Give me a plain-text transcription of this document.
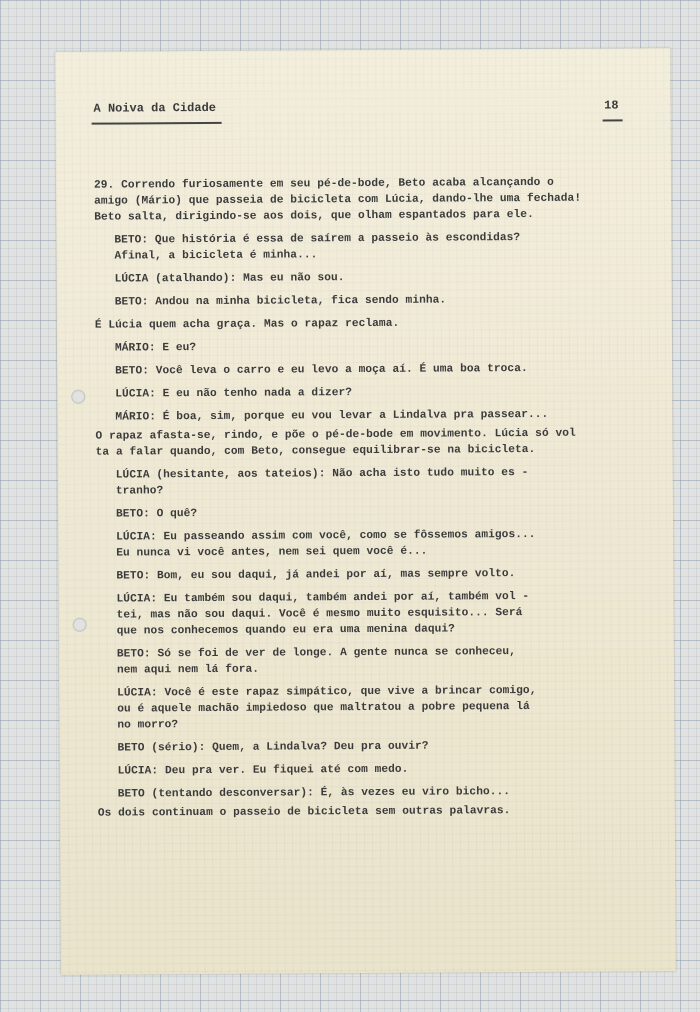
A Noiva da Cidade	18
29. Correndo furiosamente em seu pé-de-bode, Beto acaba alcançando o
amigo (Mário) que passeia de bicicleta com Lúcia, dando-lhe uma fechada!
Beto salta, dirigindo-se aos dois, que olham espantados para ele.
BETO: Que história é essa de saírem a passeio às escondidas?
Afinal, a bicicleta é minha...
LÚCIA (atalhando): Mas eu não sou.
BETO: Andou na minha bicicleta, fica sendo minha.
É Lúcia quem acha graça. Mas o rapaz reclama.
MÁRIO: E eu?
BETO: Você leva o carro e eu levo a moça aí. É uma boa troca.
LÚCIA: E eu não tenho nada a dizer?
MÁRIO: É boa, sim, porque eu vou levar a Lindalva pra passear...
O rapaz afasta-se, rindo, e põe o pé-de-bode em movimento. Lúcia só vol
ta a falar quando, com Beto, consegue equilibrar-se na bicicleta.
LÚCIA (hesitante, aos tateios): Não acha isto tudo muito es -
tranho?
BETO: O quê?
LÚCIA: Eu passeando assim com você, como se fôssemos amigos...
Eu nunca vi você antes, nem sei quem você é...
BETO: Bom, eu sou daqui, já andei por aí, mas sempre volto.
LÚCIA: Eu também sou daqui, também andei por aí, também vol -
tei, mas não sou daqui. Você é mesmo muito esquisito... Será
que nos conhecemos quando eu era uma menina daqui?
BETO: Só se foi de ver de longe. A gente nunca se conheceu,
nem aqui nem lá fora.
LÚCIA: Você é este rapaz simpático, que vive a brincar comigo,
ou é aquele machão impiedoso que maltratou a pobre pequena lá
no morro?
BETO (sério): Quem, a Lindalva? Deu pra ouvir?
LÚCIA: Deu pra ver. Eu fiquei até com medo.
BETO (tentando desconversar): É, às vezes eu viro bicho...
Os dois continuam o passeio de bicicleta sem outras palavras.
